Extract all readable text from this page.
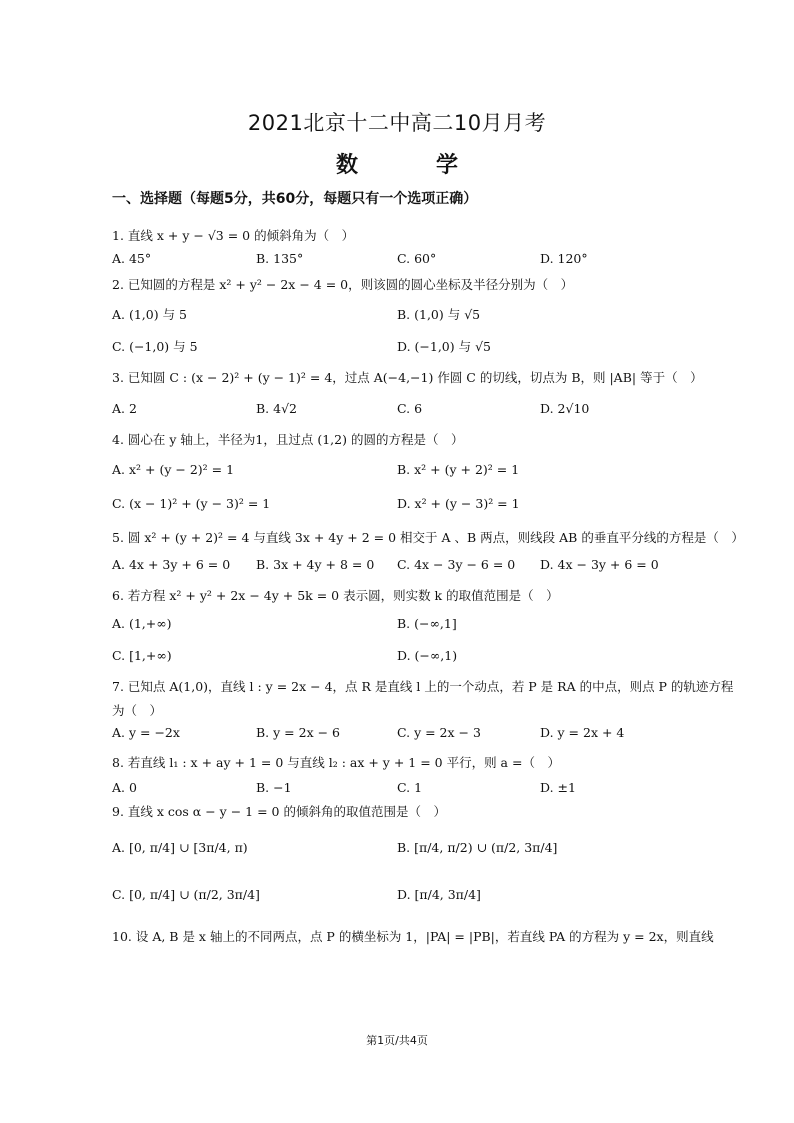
2021北京十二中高二10月月考
数　学
一、选择题（每题5分，共60分，每题只有一个选项正确）
1. 直线 x + y − √3 = 0 的倾斜角为（　）
A. 45°	B. 135°	C. 60°	D. 120°
2. 已知圆的方程是 x² + y² − 2x − 4 = 0，则该圆的圆心坐标及半径分别为（　）
A. (1,0) 与 5	B. (1,0) 与 √5
C. (−1,0) 与 5	D. (−1,0) 与 √5
3. 已知圆 C : (x − 2)² + (y − 1)² = 4，过点 A(−4,−1) 作圆 C 的切线，切点为 B，则 |AB| 等于（　）
A. 2	B. 4√2	C. 6	D. 2√10
4. 圆心在 y 轴上，半径为1，且过点 (1,2) 的圆的方程是（　）
A. x² + (y − 2)² = 1	B. x² + (y + 2)² = 1
C. (x − 1)² + (y − 3)² = 1	D. x² + (y − 3)² = 1
5. 圆 x² + (y + 2)² = 4 与直线 3x + 4y + 2 = 0 相交于 A 、B 两点，则线段 AB 的垂直平分线的方程是（　）
A. 4x + 3y + 6 = 0 B. 3x + 4y + 8 = 0 C. 4x − 3y − 6 = 0 D. 4x − 3y + 6 = 0
6. 若方程 x² + y² + 2x − 4y + 5k = 0 表示圆，则实数 k 的取值范围是（　）
A. (1,+∞)	B. (−∞,1]
C. [1,+∞)	D. (−∞,1)
7. 已知点 A(1,0)，直线 l : y = 2x − 4，点 R 是直线 l 上的一个动点，若 P 是 RA 的中点，则点 P 的轨迹方程
为（　）
A. y = −2x	B. y = 2x − 6	C. y = 2x − 3	D. y = 2x + 4
8. 若直线 l₁ : x + ay + 1 = 0 与直线 l₂ : ax + y + 1 = 0 平行，则 a =（　）
A. 0	B. −1	C. 1	D. ±1
9. 直线 x cos α − y − 1 = 0 的倾斜角的取值范围是（　）
A. [0, π/4] ∪ [3π/4, π)	B. [π/4, π/2) ∪ (π/2, 3π/4]
C. [0, π/4] ∪ (π/2, 3π/4]	D. [π/4, 3π/4]
10. 设 A, B 是 x 轴上的不同两点，点 P 的横坐标为 1，|PA| = |PB|，若直线 PA 的方程为 y = 2x，则直线
第1页/共4页
